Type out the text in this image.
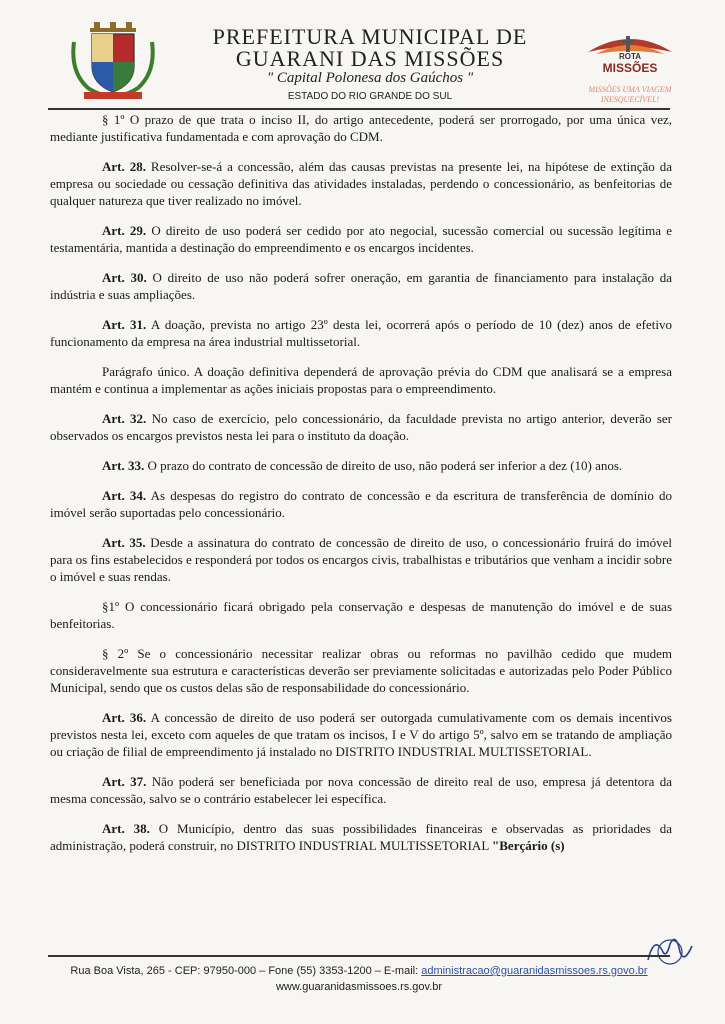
PREFEITURA MUNICIPAL DE
GUARANI DAS MISSÕES
" Capital Polonesa dos Gaúchos "
ESTADO DO RIO GRANDE DO SUL
ROTA
MISSÕES
MISSÕES UMA VIAGEM
INESQUECÍVEL!

§ 1º O prazo de que trata o inciso II, do artigo antecedente, poderá ser prorrogado, por uma única vez, mediante justificativa fundamentada e com aprovação do CDM.

Art. 28. Resolver-se-á a concessão, além das causas previstas na presente lei, na hipótese de extinção da empresa ou sociedade ou cessação definitiva das atividades instaladas, perdendo o concessionário, as benfeitorias de qualquer natureza que tiver realizado no imóvel.

Art. 29. O direito de uso poderá ser cedido por ato negocial, sucessão comercial ou sucessão legítima e testamentária, mantida a destinação do empreendimento e os encargos incidentes.

Art. 30. O direito de uso não poderá sofrer oneração, em garantia de financiamento para instalação da indústria e suas ampliações.

Art. 31. A doação, prevista no artigo 23º desta lei, ocorrerá após o período de 10 (dez) anos de efetivo funcionamento da empresa na área industrial multissetorial.

Parágrafo único. A doação definitiva dependerá de aprovação prévia do CDM que analisará se a empresa mantém e continua a implementar as ações iniciais propostas para o empreendimento.

Art. 32. No caso de exercício, pelo concessionário, da faculdade prevista no artigo anterior, deverão ser observados os encargos previstos nesta lei para o instituto da doação.

Art. 33. O prazo do contrato de concessão de direito de uso, não poderá ser inferior a dez (10) anos.

Art. 34. As despesas do registro do contrato de concessão e da escritura de transferência de domínio do imóvel serão suportadas pelo concessionário.

Art. 35. Desde a assinatura do contrato de concessão de direito de uso, o concessionário fruirá do imóvel para os fins estabelecidos e responderá por todos os encargos civis, trabalhistas e tributários que venham a incidir sobre o imóvel e suas rendas.

§1º O concessionário ficará obrigado pela conservação e despesas de manutenção do imóvel e de suas benfeitorias.

§ 2º Se o concessionário necessitar realizar obras ou reformas no pavilhão cedido que mudem consideravelmente sua estrutura e características deverão ser previamente solicitadas e autorizadas pelo Poder Público Municipal, sendo que os custos delas são de responsabilidade do concessionário.

Art. 36. A concessão de direito de uso poderá ser outorgada cumulativamente com os demais incentivos previstos nesta lei, exceto com aqueles de que tratam os incisos, I e V do artigo 5º, salvo em se tratando de ampliação ou criação de filial de empreendimento já instalado no DISTRITO INDUSTRIAL MULTISSETORIAL.

Art. 37. Não poderá ser beneficiada por nova concessão de direito real de uso, empresa já detentora da mesma concessão, salvo se o contrário estabelecer lei específica.

Art. 38. O Município, dentro das suas possibilidades financeiras e observadas as prioridades da administração, poderá construir, no DISTRITO INDUSTRIAL MULTISSETORIAL "Berçário (s)

Rua Boa Vista, 265 - CEP: 97950-000 – Fone (55) 3353-1200 – E-mail: administracao@guaranidasmissoes.rs.govo.br
www.guaranidasmissoes.rs.gov.br
